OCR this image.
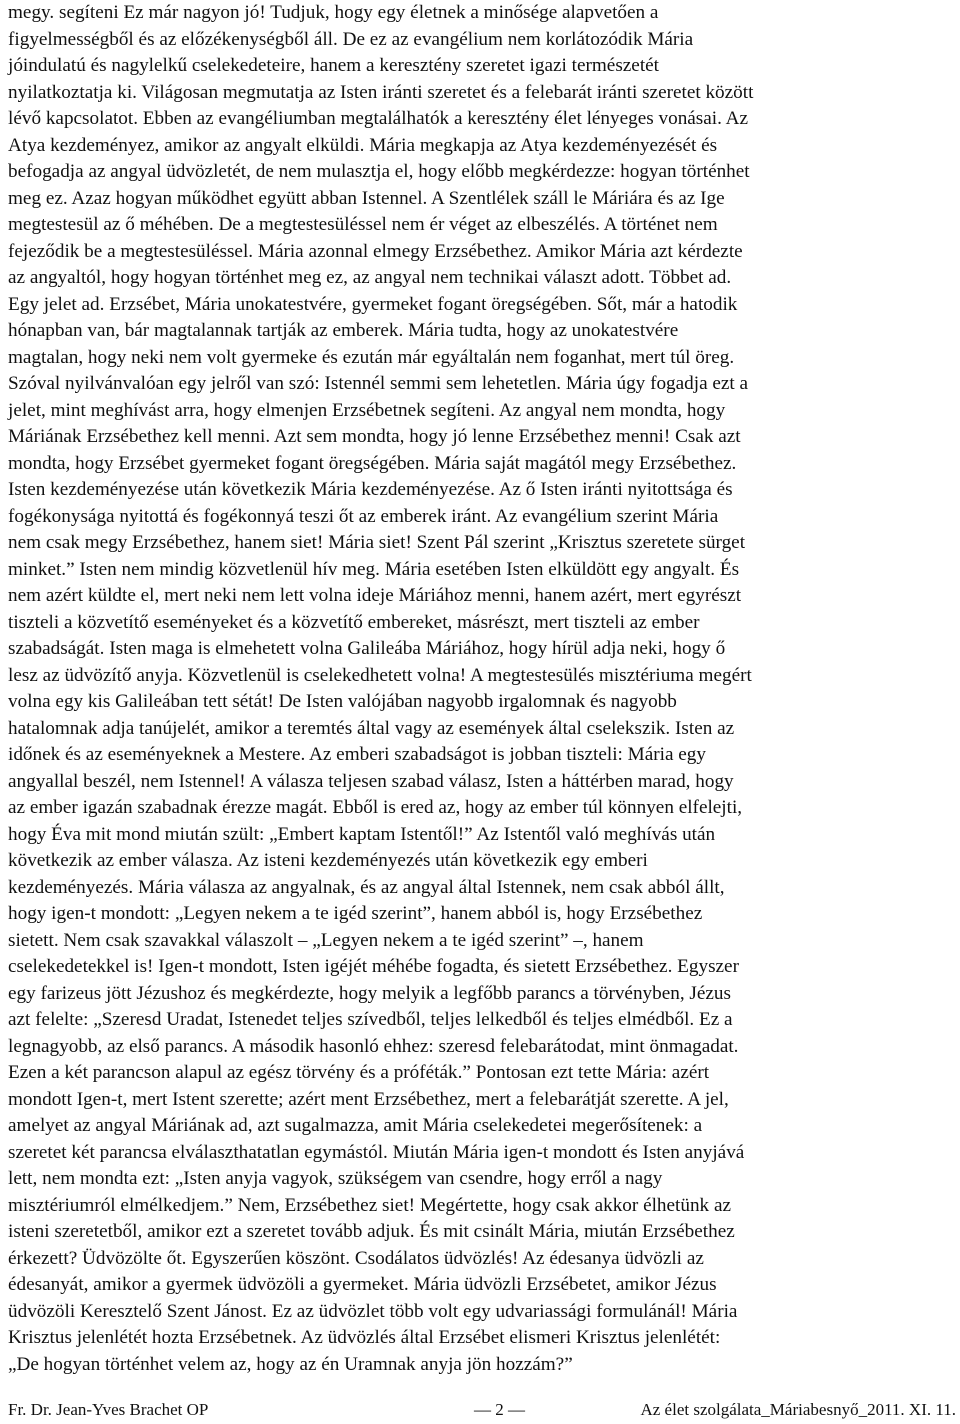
megy. segíteni Ez már nagyon jó! Tudjuk, hogy egy életnek a minősége alapvetően a
figyelmességből és az előzékenységből áll. De ez az evangélium nem korlátozódik Mária
jóindulatú és nagylelkű cselekedeteire, hanem a keresztény szeretet igazi természetét
nyilatkoztatja ki. Világosan megmutatja az Isten iránti szeretet és a felebarát iránti szeretet között
lévő kapcsolatot. Ebben az evangéliumban megtalálhatók a keresztény élet lényeges vonásai. Az
Atya kezdeményez, amikor az angyalt elküldi. Mária megkapja az Atya kezdeményezését és
befogadja az angyal üdvözletét, de nem mulasztja el, hogy előbb megkérdezze: hogyan történhet
meg ez. Azaz hogyan működhet együtt abban Istennel. A Szentlélek száll le Máriára és az Ige
megtestesül az ő méhében. De a megtestesüléssel nem ér véget az elbeszélés. A történet nem
fejeződik be a megtestesüléssel. Mária azonnal elmegy Erzsébethez. Amikor Mária azt kérdezte
az angyaltól, hogy hogyan történhet meg ez, az angyal nem technikai választ adott. Többet ad.
Egy jelet ad. Erzsébet, Mária unokatestvére, gyermeket fogant öregségében. Sőt, már a hatodik
hónapban van, bár magtalannak tartják az emberek. Mária tudta, hogy az unokatestvére
magtalan, hogy neki nem volt gyermeke és ezután már egyáltalán nem foganhat, mert túl öreg.
Szóval nyilvánvalóan egy jelről van szó: Istennél semmi sem lehetetlen. Mária úgy fogadja ezt a
jelet, mint meghívást arra, hogy elmenjen Erzsébetnek segíteni. Az angyal nem mondta, hogy
Máriának Erzsébethez kell menni. Azt sem mondta, hogy jó lenne Erzsébethez menni! Csak azt
mondta, hogy Erzsébet gyermeket fogant öregségében. Mária saját magától megy Erzsébethez.
Isten kezdeményezése után következik Mária kezdeményezése. Az ő Isten iránti nyitottsága és
fogékonysága nyitottá és fogékonnyá teszi őt az emberek iránt. Az evangélium szerint Mária
nem csak megy Erzsébethez, hanem siet! Mária siet! Szent Pál szerint „Krisztus szeretete sürget
minket.” Isten nem mindig közvetlenül hív meg. Mária esetében Isten elküldött egy angyalt. És
nem azért küldte el, mert neki nem lett volna ideje Máriához menni, hanem azért, mert egyrészt
tiszteli a közvetítő eseményeket és a közvetítő embereket, másrészt, mert tiszteli az ember
szabadságát. Isten maga is elmehetett volna Galileába Máriához, hogy hírül adja neki, hogy ő
lesz az üdvözítő anyja. Közvetlenül is cselekedhetett volna! A megtestesülés misztériuma megért
volna egy kis Galileában tett sétát! De Isten valójában nagyobb irgalomnak és nagyobb
hatalomnak adja tanújelét, amikor a teremtés által vagy az események által cselekszik. Isten az
időnek és az eseményeknek a Mestere. Az emberi szabadságot is jobban tiszteli: Mária egy
angyallal beszél, nem Istennel! A válasza teljesen szabad válasz, Isten a háttérben marad, hogy
az ember igazán szabadnak érezze magát. Ebből is ered az, hogy az ember túl könnyen elfelejti,
hogy Éva mit mond miután szült: „Embert kaptam Istentől!” Az Istentől való meghívás után
következik az ember válasza. Az isteni kezdeményezés után következik egy emberi
kezdeményezés. Mária válasza az angyalnak, és az angyal által Istennek, nem csak abból állt,
hogy igen-t mondott: „Legyen nekem a te igéd szerint”, hanem abból is, hogy Erzsébethez
sietett. Nem csak szavakkal válaszolt – „Legyen nekem a te igéd szerint” –, hanem
cselekedetekkel is! Igen-t mondott, Isten igéjét méhébe fogadta, és sietett Erzsébethez. Egyszer
egy farizeus jött Jézushoz és megkérdezte, hogy melyik a legfőbb parancs a törvényben, Jézus
azt felelte: „Szeresd Uradat, Istenedet teljes szívedből, teljes lelkedből és teljes elmédből. Ez a
legnagyobb, az első parancs. A második hasonló ehhez: szeresd felebarátodat, mint önmagadat.
Ezen a két parancson alapul az egész törvény és a próféták.” Pontosan ezt tette Mária: azért
mondott Igen-t, mert Istent szerette; azért ment Erzsébethez, mert a felebarátját szerette. A jel,
amelyet az angyal Máriának ad, azt sugalmazza, amit Mária cselekedetei megerősítenek: a
szeretet két parancsa elválaszthatatlan egymástól. Miután Mária igen-t mondott és Isten anyjává
lett, nem mondta ezt: „Isten anyja vagyok, szükségem van csendre, hogy erről a nagy
misztériumról elmélkedjem.” Nem, Erzsébethez siet! Megértette, hogy csak akkor élhetünk az
isteni szeretetből, amikor ezt a szeretet tovább adjuk. És mit csinált Mária, miután Erzsébethez
érkezett? Üdvözölte őt. Egyszerűen köszönt. Csodálatos üdvözlés! Az édesanya üdvözli az
édesanyát, amikor a gyermek üdvözöli a gyermeket. Mária üdvözli Erzsébetet, amikor Jézus
üdvözöli Keresztelő Szent Jánost. Ez az üdvözlet több volt egy udvariassági formulánál! Mária
Krisztus jelenlétét hozta Erzsébetnek. Az üdvözlés által Erzsébet elismeri Krisztus jelenlétét:
„De hogyan történhet velem az, hogy az én Uramnak anyja jön hozzám?”
Fr. Dr. Jean-Yves Brachet OP	— 2 —	Az élet szolgálata_Máriabesnyő_2011. XI. 11.
